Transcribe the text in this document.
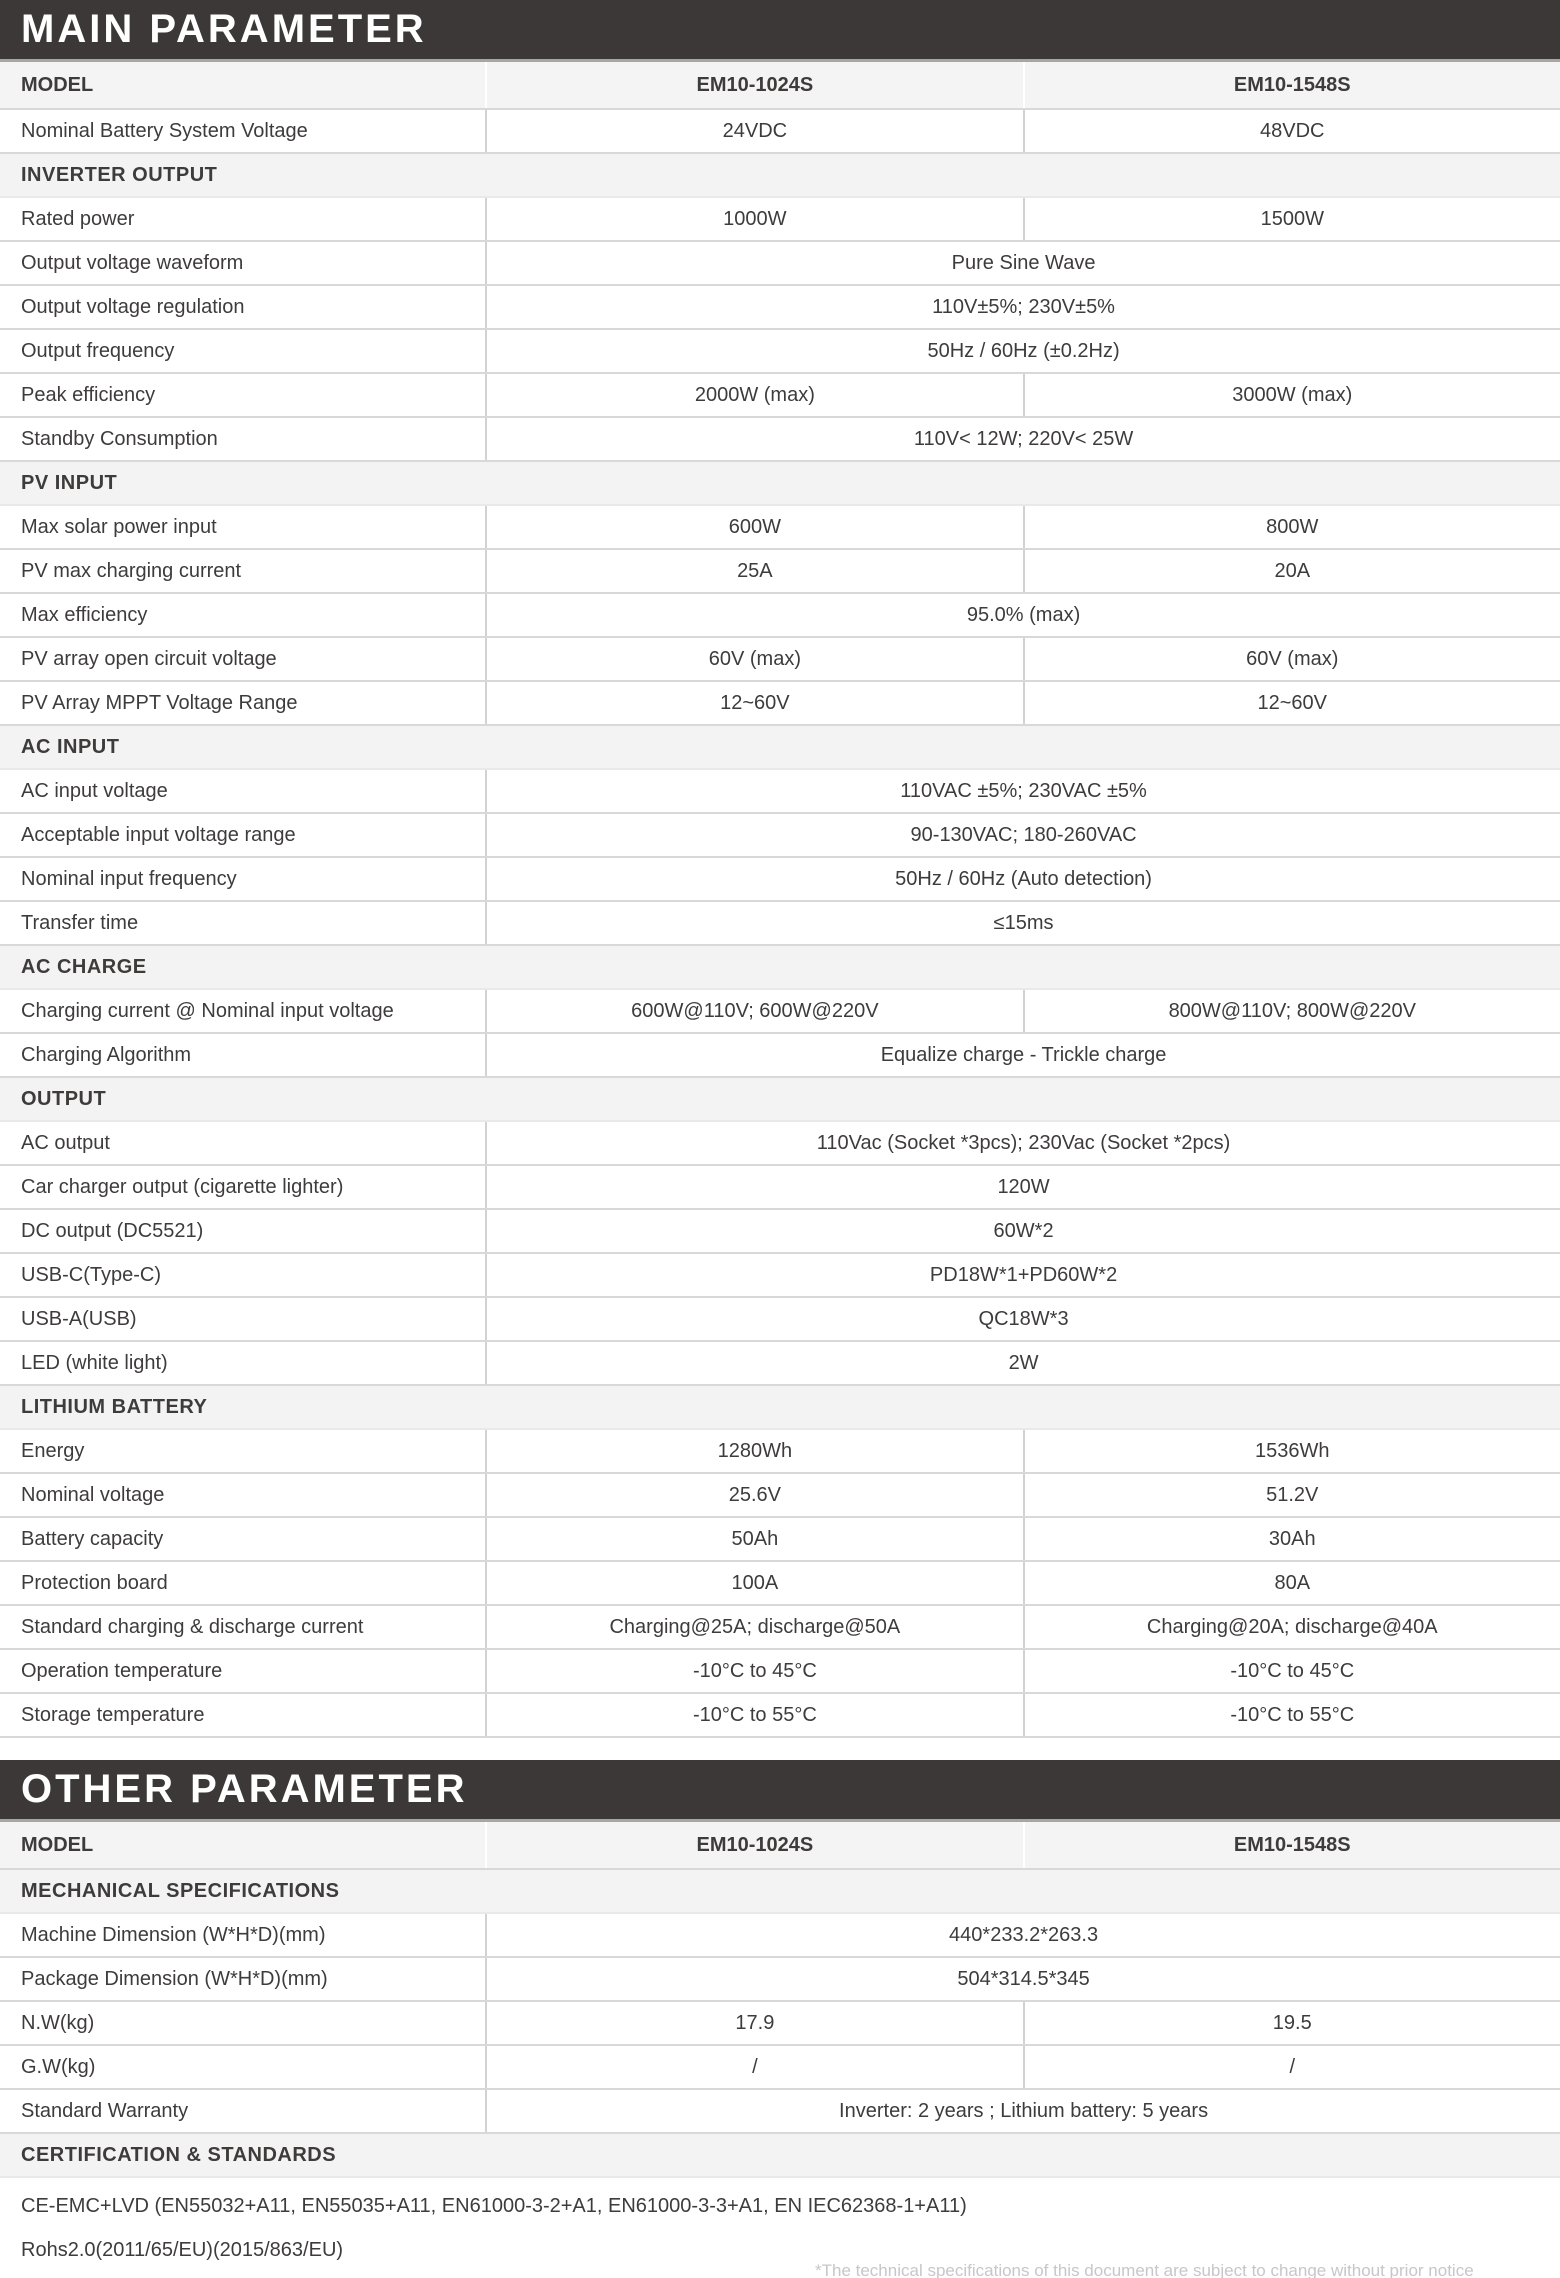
MAIN PARAMETER
MODEL	EM10-1024S	EM10-1548S
Nominal Battery System Voltage	24VDC	48VDC
INVERTER OUTPUT
Rated power	1000W	1500W
Output voltage waveform	Pure Sine Wave
Output voltage regulation	110V±5%; 230V±5%
Output frequency	50Hz / 60Hz (±0.2Hz)
Peak efficiency	2000W (max)	3000W (max)
Standby Consumption	110V< 12W; 220V< 25W
PV INPUT
Max solar power input	600W	800W
PV max charging current	25A	20A
Max efficiency	95.0% (max)
PV array open circuit voltage	60V (max)	60V (max)
PV Array MPPT Voltage Range	12~60V	12~60V
AC INPUT
AC input voltage	110VAC ±5%; 230VAC ±5%
Acceptable input voltage range	90-130VAC; 180-260VAC
Nominal input frequency	50Hz / 60Hz (Auto detection)
Transfer time	≤15ms
AC CHARGE
Charging current @ Nominal input voltage	600W@110V; 600W@220V	800W@110V; 800W@220V
Charging Algorithm	Equalize charge - Trickle charge
OUTPUT
AC output	110Vac (Socket *3pcs); 230Vac (Socket *2pcs)
Car charger output (cigarette lighter)	120W
DC output (DC5521)	60W*2
USB-C(Type-C)	PD18W*1+PD60W*2
USB-A(USB)	QC18W*3
LED (white light)	2W
LITHIUM BATTERY
Energy	1280Wh	1536Wh
Nominal voltage	25.6V	51.2V
Battery capacity	50Ah	30Ah
Protection board	100A	80A
Standard charging & discharge current	Charging@25A; discharge@50A	Charging@20A; discharge@40A
Operation temperature	-10°C to 45°C	-10°C to 45°C
Storage temperature	-10°C to 55°C	-10°C to 55°C
OTHER PARAMETER
MODEL	EM10-1024S	EM10-1548S
MECHANICAL SPECIFICATIONS
Machine Dimension (W*H*D)(mm)	440*233.2*263.3
Package Dimension (W*H*D)(mm)	504*314.5*345
N.W(kg)	17.9	19.5
G.W(kg)	/	/
Standard Warranty	Inverter: 2 years ; Lithium battery: 5 years
CERTIFICATION & STANDARDS
CE-EMC+LVD (EN55032+A11, EN55035+A11, EN61000-3-2+A1, EN61000-3-3+A1, EN IEC62368-1+A11)
Rohs2.0(2011/65/EU)(2015/863/EU)
*The technical specifications of this document are subject to change without prior notice
